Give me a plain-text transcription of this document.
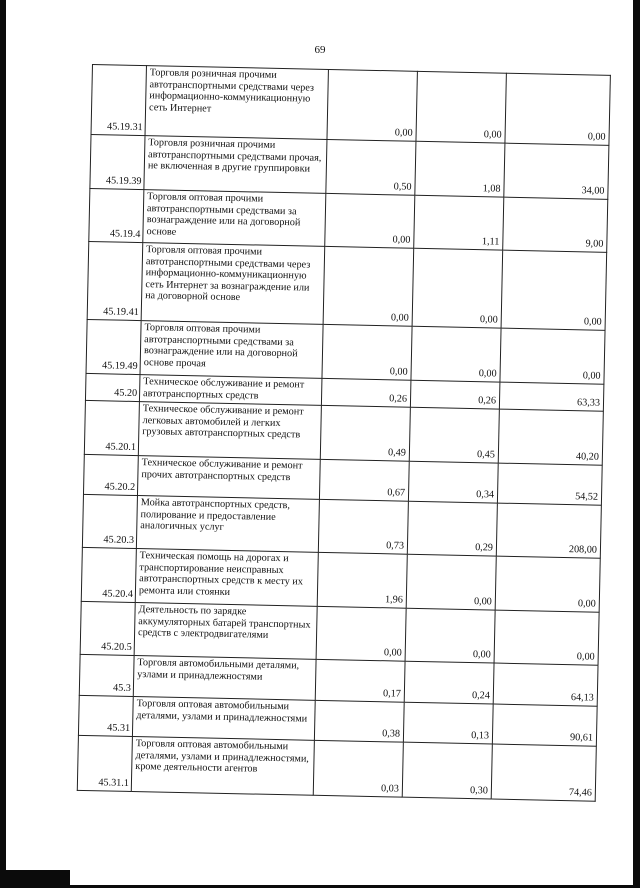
69
45.19.31	Торговля розничная прочими автотранспортными средствами через информационно-коммуникационную сеть Интернет	0,00	0,00	0,00
45.19.39	Торговля розничная прочими автотранспортными средствами прочая, не включенная в другие группировки	0,50	1,08	34,00
45.19.4	Торговля оптовая прочими автотранспортными средствами за вознаграждение или на договорной основе	0,00	1,11	9,00
45.19.41	Торговля оптовая прочими автотранспортными средствами через информационно-коммуникационную сеть Интернет за вознаграждение или на договорной основе	0,00	0,00	0,00
45.19.49	Торговля оптовая прочими автотранспортными средствами за вознаграждение или на договорной основе прочая	0,00	0,00	0,00
45.20	Техническое обслуживание и ремонт автотранспортных средств	0,26	0,26	63,33
45.20.1	Техническое обслуживание и ремонт легковых автомобилей и легких грузовых автотранспортных средств	0,49	0,45	40,20
45.20.2	Техническое обслуживание и ремонт прочих автотранспортных средств	0,67	0,34	54,52
45.20.3	Мойка автотранспортных средств, полирование и предоставление аналогичных услуг	0,73	0,29	208,00
45.20.4	Техническая помощь на дорогах и транспортирование неисправных автотранспортных средств к месту их ремонта или стоянки	1,96	0,00	0,00
45.20.5	Деятельность по зарядке аккумуляторных батарей транспортных средств с электродвигателями	0,00	0,00	0,00
45.3	Торговля автомобильными деталями, узлами и принадлежностями	0,17	0,24	64,13
45.31	Торговля оптовая автомобильными деталями, узлами и принадлежностями	0,38	0,13	90,61
45.31.1	Торговля оптовая автомобильными деталями, узлами и принадлежностями, кроме деятельности агентов	0,03	0,30	74,46
